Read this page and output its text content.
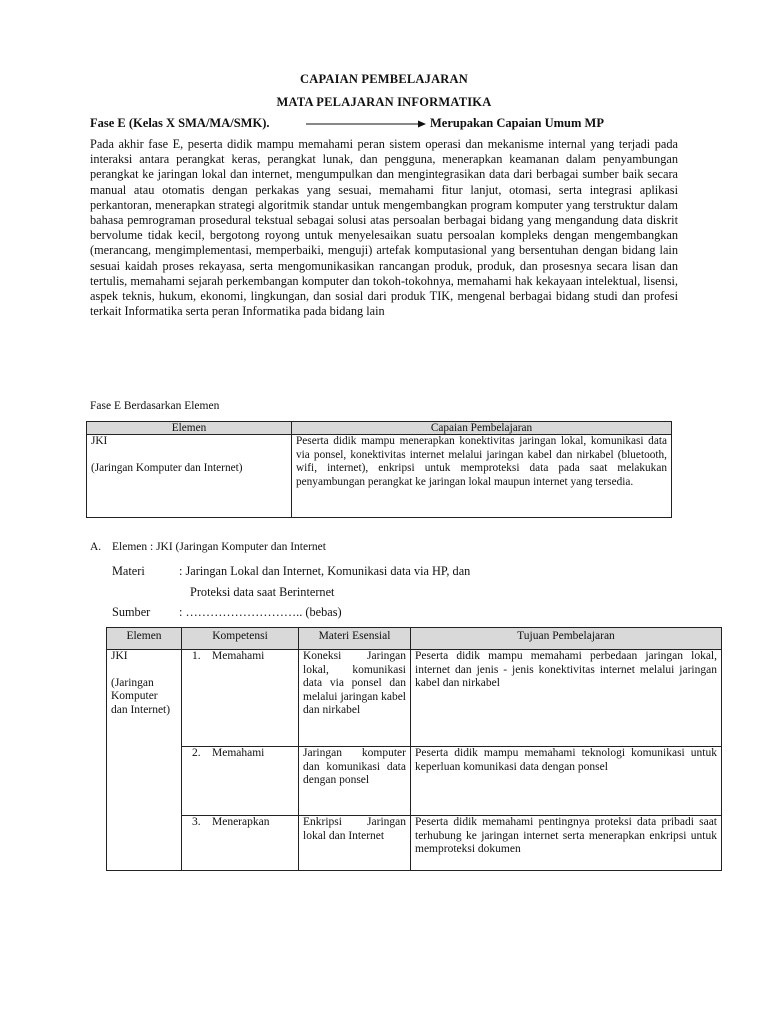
CAPAIAN PEMBELAJARAN
MATA PELAJARAN INFORMATIKA
Fase E (Kelas X SMA/MA/SMK).	Merupakan Capaian Umum MP
Pada akhir fase E, peserta didik mampu memahami peran sistem operasi dan mekanisme internal yang terjadi pada interaksi antara perangkat keras, perangkat lunak, dan pengguna, menerapkan keamanan dalam penyambungan perangkat ke jaringan lokal dan internet, mengumpulkan dan mengintegrasikan data dari berbagai sumber baik secara manual atau otomatis dengan perkakas yang sesuai, memahami fitur lanjut, otomasi, serta integrasi aplikasi perkantoran, menerapkan strategi algoritmik standar untuk mengembangkan program komputer yang terstruktur dalam bahasa pemrograman prosedural tekstual sebagai solusi atas persoalan berbagai bidang yang mengandung data diskrit bervolume tidak kecil, bergotong royong untuk menyelesaikan suatu persoalan kompleks dengan mengembangkan (merancang, mengimplementasi, memperbaiki, menguji) artefak komputasional yang bersentuhan dengan bidang lain sesuai kaidah proses rekayasa, serta mengomunikasikan rancangan produk, produk, dan prosesnya secara lisan dan tertulis, memahami sejarah perkembangan komputer dan tokoh-tokohnya, memahami hak kekayaan intelektual, lisensi, aspek teknis, hukum, ekonomi, lingkungan, dan sosial dari produk TIK, mengenal berbagai bidang studi dan profesi terkait Informatika serta peran Informatika pada bidang lain
Fase E Berdasarkan Elemen
Elemen	Capaian Pembelajaran

JKI
(Jaringan Komputer dan Internet)	Peserta didik mampu menerapkan konektivitas jaringan lokal, komunikasi data via ponsel, konektivitas internet melalui jaringan kabel dan nirkabel (bluetooth, wifi, internet), enkripsi untuk memproteksi data pada saat melakukan penyambungan perangkat ke jaringan lokal maupun internet yang tersedia.
A. Elemen : JKI (Jaringan Komputer dan Internet
Materi	: Jaringan Lokal dan Internet, Komunikasi data via HP, dan
Proteksi data saat Berinternet
Sumber : ……………………….. (bebas)
Elemen	Kompetensi	Materi Esensial	Tujuan Pembelajaran

JKI
(Jaringan Komputer dan Internet)	1. Memahami	Koneksi Jaringan lokal, komunikasi data via ponsel dan melalui jaringan kabel dan nirkabel	Peserta didik mampu memahami perbedaan jaringan lokal, internet dan jenis - jenis konektivitas internet melalui jaringan kabel dan nirkabel
	2. Memahami	Jaringan komputer dan komunikasi data dengan ponsel	Peserta didik mampu memahami teknologi komunikasi untuk keperluan komunikasi data dengan ponsel
	3. Menerapkan	Enkripsi Jaringan lokal dan Internet	Peserta didik memahami pentingnya proteksi data pribadi saat terhubung ke jaringan internet serta menerapkan enkripsi untuk memproteksi dokumen
